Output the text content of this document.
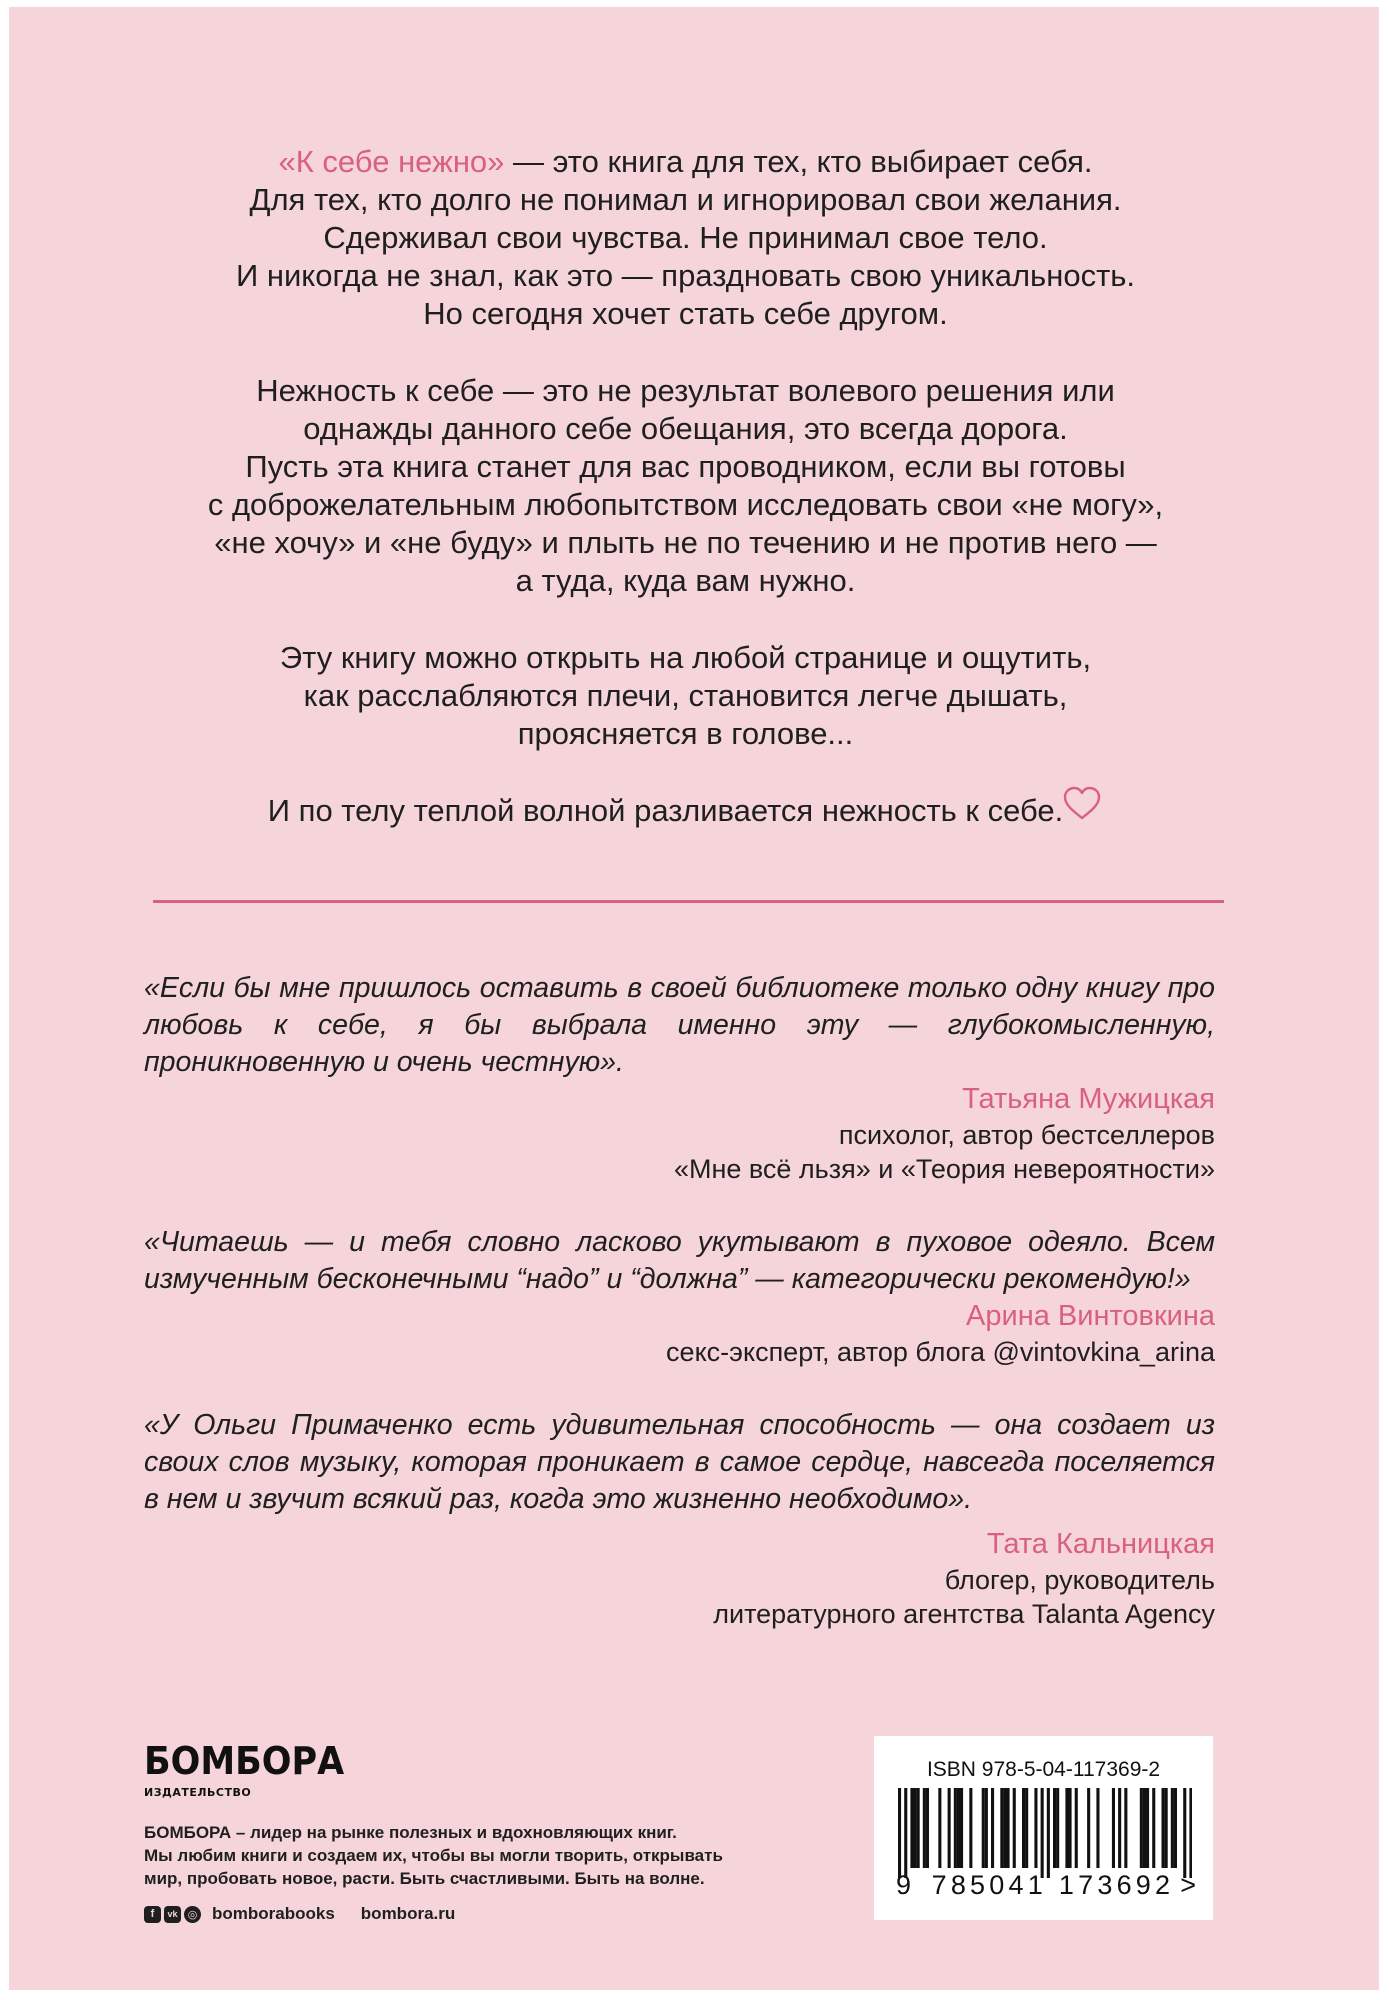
«К себе нежно» — это книга для тех, кто выбирает себя.
Для тех, кто долго не понимал и игнорировал свои желания.
Сдерживал свои чувства. Не принимал свое тело.
И никогда не знал, как это — праздновать свою уникальность.
Но сегодня хочет стать себе другом.

Нежность к себе — это не результат волевого решения или
однажды данного себе обещания, это всегда дорога.
Пусть эта книга станет для вас проводником, если вы готовы
с доброжелательным любопытством исследовать свои «не могу»,
«не хочу» и «не буду» и плыть не по течению и не против него —
а туда, куда вам нужно.

Эту книгу можно открыть на любой странице и ощутить,
как расслабляются плечи, становится легче дышать,
проясняется в голове...

И по телу теплой волной разливается нежность к себе.

«Если бы мне пришлось оставить в своей библиотеке только одну книгу про любовь к себе, я бы выбрала именно эту — глубокомысленную, проникновенную и очень честную».
Татьяна Мужицкая
психолог, автор бестселлеров
«Мне всё льзя» и «Теория невероятности»
«Читаешь — и тебя словно ласково укутывают в пуховое одеяло. Всем измученным бесконечными “надо” и “должна” — категорически рекомендую!»
Арина Винтовкина
секс-эксперт, автор блога @vintovkina_arina
«У Ольги Примаченко есть удивительная способность — она создает из своих слов музыку, которая проникает в самое сердце, навсегда поселяется в нем и звучит всякий раз, когда это жизненно необходимо».
Тата Кальницкая
блогер, руководитель
литературного агентства Talanta Agency
БОМБОРА
ИЗДАТЕЛЬСТВО
БОМБОРА – лидер на рынке полезных и вдохновляющих книг.
Мы любим книги и создаем их, чтобы вы могли творить, открывать
мир, пробовать новое, расти. Быть счастливыми. Быть на волне.
f	vk ◎ bomborabooks bombora.ru
ISBN 978-5-04-117369-2
9 785041 173692 >
